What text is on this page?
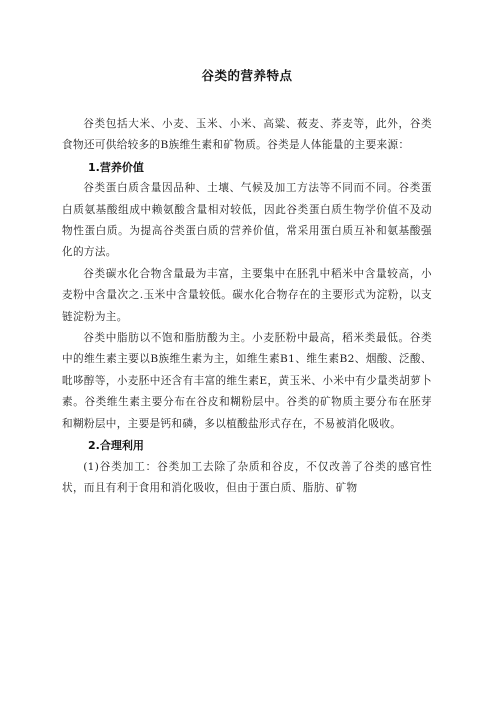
谷类的营养特点

谷类包括大米、小麦、玉米、小米、高粱、莜麦、荞麦等，此外，谷类食物还可供给较多的B族维生素和矿物质。谷类是人体能量的主要来源：

1.营养价值

谷类蛋白质含量因品种、土壤、气候及加工方法等不同而不同。谷类蛋白质氨基酸组成中赖氨酸含量相对较低，因此谷类蛋白质生物学价值不及动物性蛋白质。为提高谷类蛋白质的营养价值，常采用蛋白质互补和氨基酸强化的方法。

谷类碳水化合物含量最为丰富，主要集中在胚乳中稻米中含量较高，小麦粉中含量次之.玉米中含量较低。碳水化合物存在的主要形式为淀粉，以支链淀粉为主。

谷类中脂肪以不饱和脂肪酸为主。小麦胚粉中最高，稻米类最低。谷类中的维生素主要以B族维生素为主，如维生素B1、维生素B2、烟酸、泛酸、吡哆醇等，小麦胚中还含有丰富的维生素E，黄玉米、小米中有少量类胡萝卜素。谷类维生素主要分布在谷皮和糊粉层中。谷类的矿物质主要分布在胚芽和糊粉层中，主要是钙和磷，多以植酸盐形式存在，不易被消化吸收。

2.合理利用

(1)谷类加工：谷类加工去除了杂质和谷皮，不仅改善了谷类的感官性状，而且有利于食用和消化吸收，但由于蛋白质、脂肪、矿物
